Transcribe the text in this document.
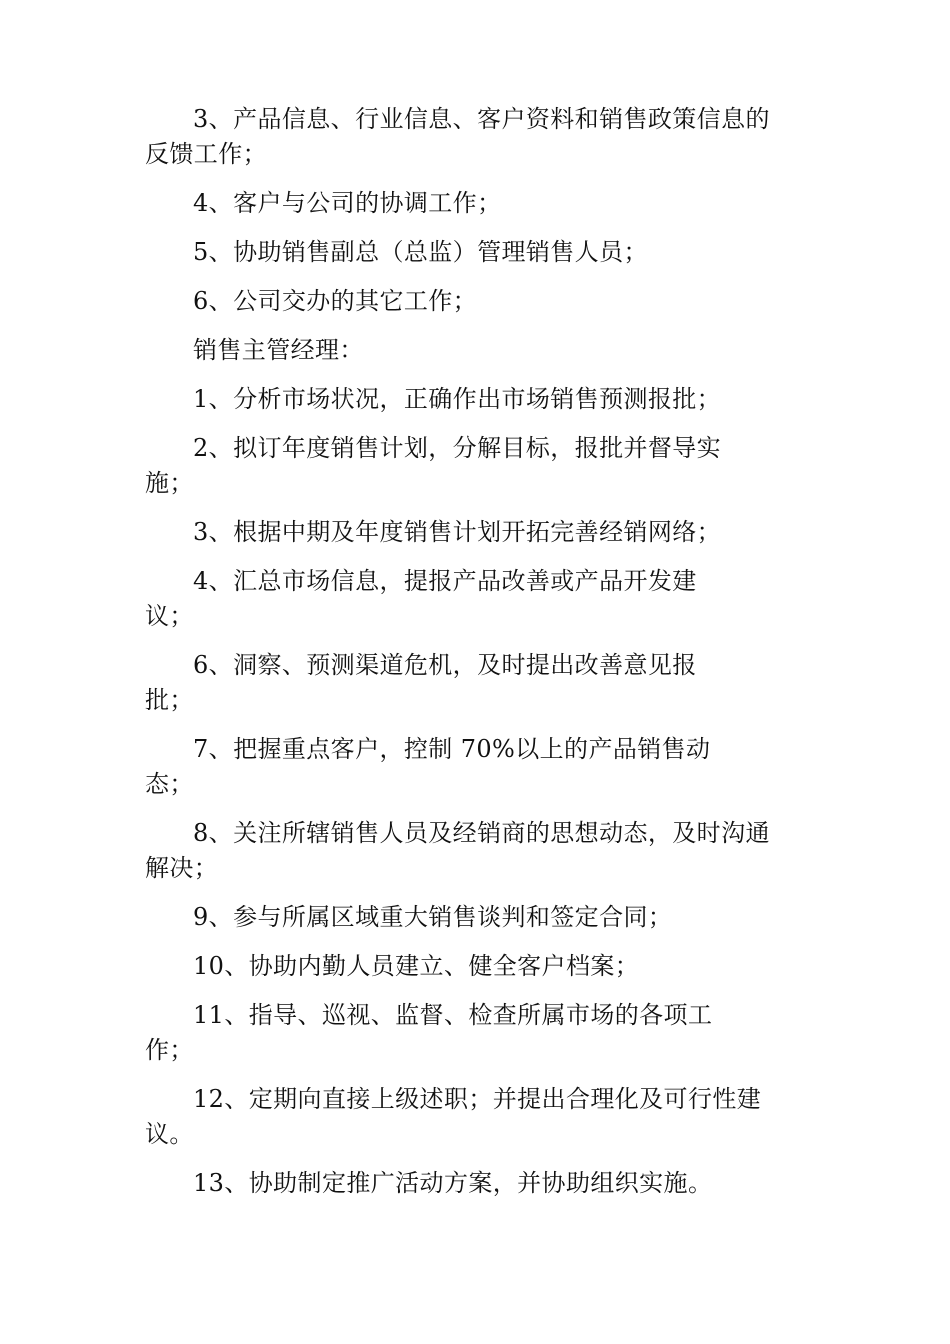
3、产品信息、行业信息、客户资料和销售政策信息的
反馈工作；

4、客户与公司的协调工作；

5、协助销售副总（总监）管理销售人员；

6、公司交办的其它工作；

销售主管经理：

1、分析市场状况，正确作出市场销售预测报批；

2、拟订年度销售计划，分解目标，报批并督导实
施；

3、根据中期及年度销售计划开拓完善经销网络；

4、汇总市场信息，提报产品改善或产品开发建
议；

6、洞察、预测渠道危机，及时提出改善意见报
批；

7、把握重点客户，控制 70%以上的产品销售动
态；

8、关注所辖销售人员及经销商的思想动态，及时沟通
解决；

9、参与所属区域重大销售谈判和签定合同；

10、协助内勤人员建立、健全客户档案；

11、指导、巡视、监督、检查所属市场的各项工
作；

12、定期向直接上级述职；并提出合理化及可行性建
议。

13、协助制定推广活动方案，并协助组织实施。
